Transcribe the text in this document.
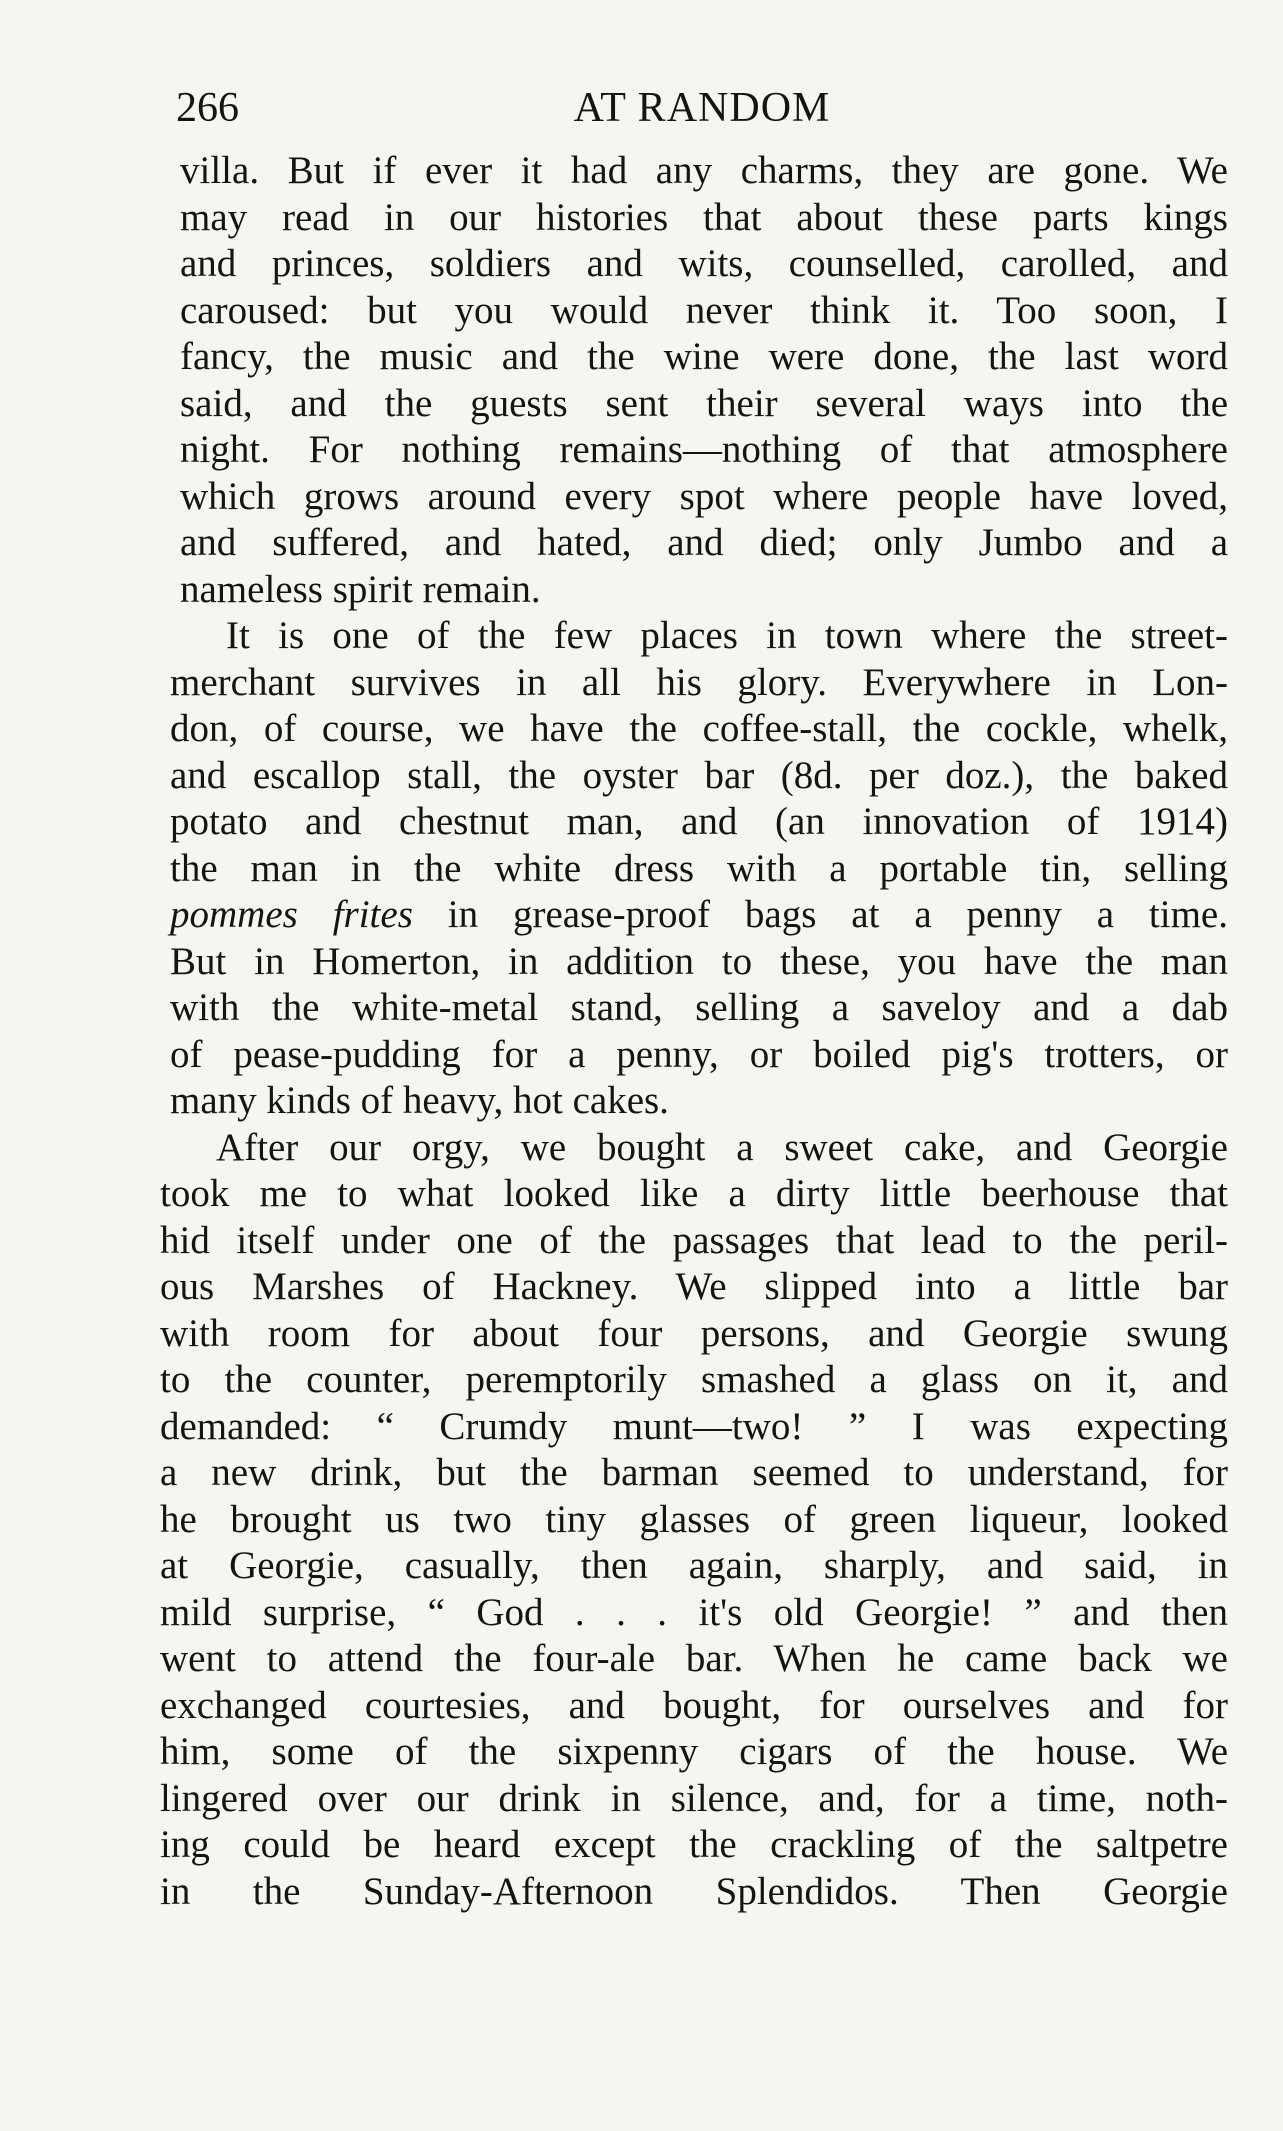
266	AT RANDOM
villa. But if ever it had any charms, they are gone. We
may read in our histories that about these parts kings
and princes, soldiers and wits, counselled, carolled, and
caroused: but you would never think it. Too soon, I
fancy, the music and the wine were done, the last word
said, and the guests sent their several ways into the
night. For nothing remains—nothing of that atmosphere
which grows around every spot where people have loved,
and suffered, and hated, and died; only Jumbo and a
nameless spirit remain.
It is one of the few places in town where the street-
merchant survives in all his glory. Everywhere in Lon-
don, of course, we have the coffee-stall, the cockle, whelk,
and escallop stall, the oyster bar (8d. per doz.), the baked
potato and chestnut man, and (an innovation of 1914)
the man in the white dress with a portable tin, selling
pommes frites in grease-proof bags at a penny a time.
But in Homerton, in addition to these, you have the man
with the white-metal stand, selling a saveloy and a dab
of pease-pudding for a penny, or boiled pig's trotters, or
many kinds of heavy, hot cakes.
After our orgy, we bought a sweet cake, and Georgie
took me to what looked like a dirty little beerhouse that
hid itself under one of the passages that lead to the peril-
ous Marshes of Hackney. We slipped into a little bar
with room for about four persons, and Georgie swung
to the counter, peremptorily smashed a glass on it, and
demanded: “ Crumdy munt—two! ” I was expecting
a new drink, but the barman seemed to understand, for
he brought us two tiny glasses of green liqueur, looked
at Georgie, casually, then again, sharply, and said, in
mild surprise, “ God . . . it's old Georgie! ” and then
went to attend the four-ale bar. When he came back we
exchanged courtesies, and bought, for ourselves and for
him, some of the sixpenny cigars of the house. We
lingered over our drink in silence, and, for a time, noth-
ing could be heard except the crackling of the saltpetre
in the Sunday-Afternoon Splendidos. Then Georgie
